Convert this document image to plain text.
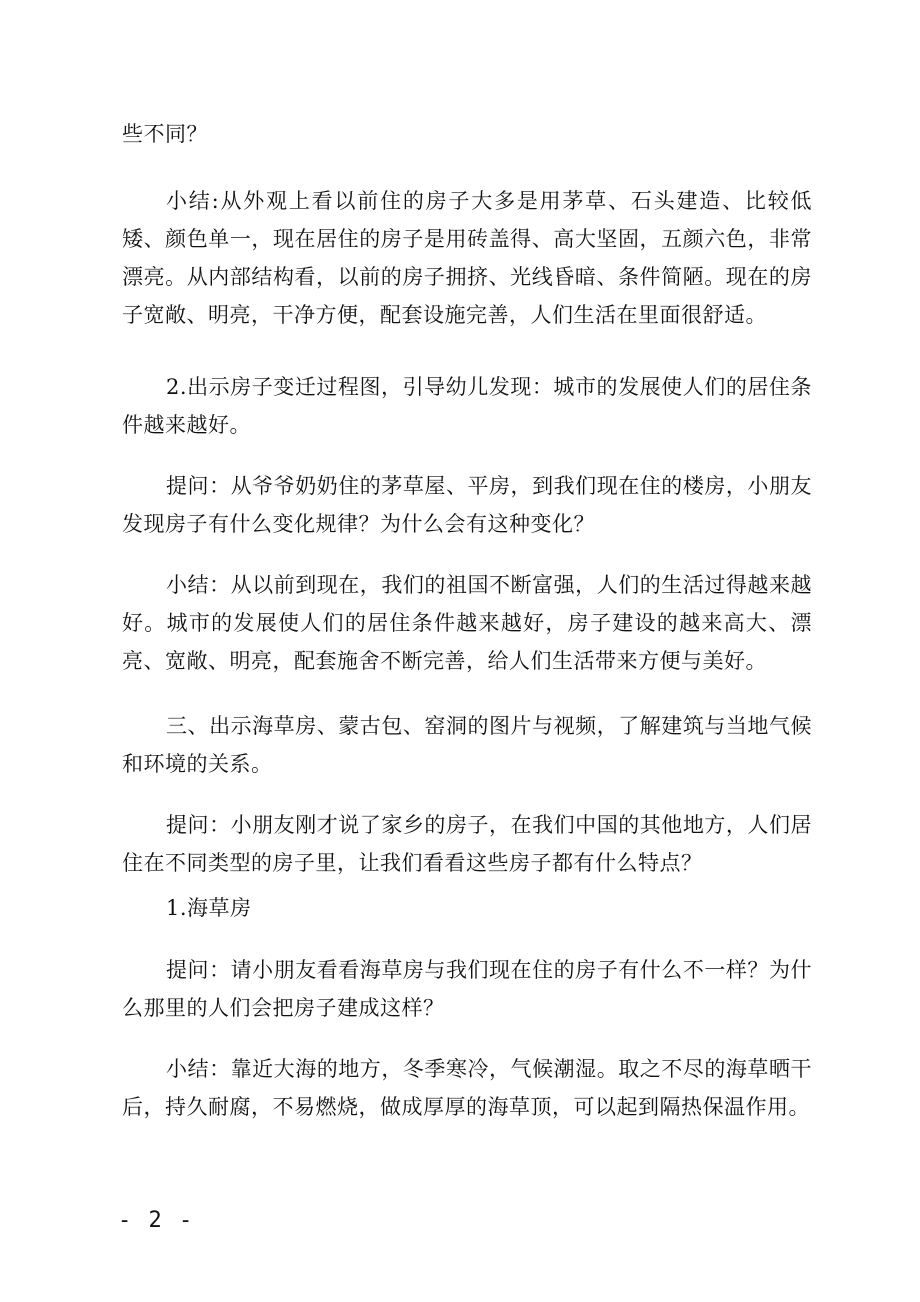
些不同？

小结:从外观上看以前住的房子大多是用茅草、石头建造、比较低矮、颜色单一，现在居住的房子是用砖盖得、高大坚固，五颜六色，非常漂亮。从内部结构看，以前的房子拥挤、光线昏暗、条件简陋。现在的房子宽敞、明亮，干净方便，配套设施完善，人们生活在里面很舒适。

2.出示房子变迁过程图，引导幼儿发现：城市的发展使人们的居住条件越来越好。

提问：从爷爷奶奶住的茅草屋、平房，到我们现在住的楼房，小朋友发现房子有什么变化规律？为什么会有这种变化？

小结：从以前到现在，我们的祖国不断富强，人们的生活过得越来越好。城市的发展使人们的居住条件越来越好，房子建设的越来高大、漂亮、宽敞、明亮，配套施舍不断完善，给人们生活带来方便与美好。

三、出示海草房、蒙古包、窑洞的图片与视频，了解建筑与当地气候和环境的关系。

提问：小朋友刚才说了家乡的房子，在我们中国的其他地方，人们居住在不同类型的房子里，让我们看看这些房子都有什么特点？

1.海草房

提问：请小朋友看看海草房与我们现在住的房子有什么不一样？为什么那里的人们会把房子建成这样？

小结：靠近大海的地方，冬季寒冷，气候潮湿。取之不尽的海草晒干后，持久耐腐，不易燃烧，做成厚厚的海草顶，可以起到隔热保温作用。

- 2 -
